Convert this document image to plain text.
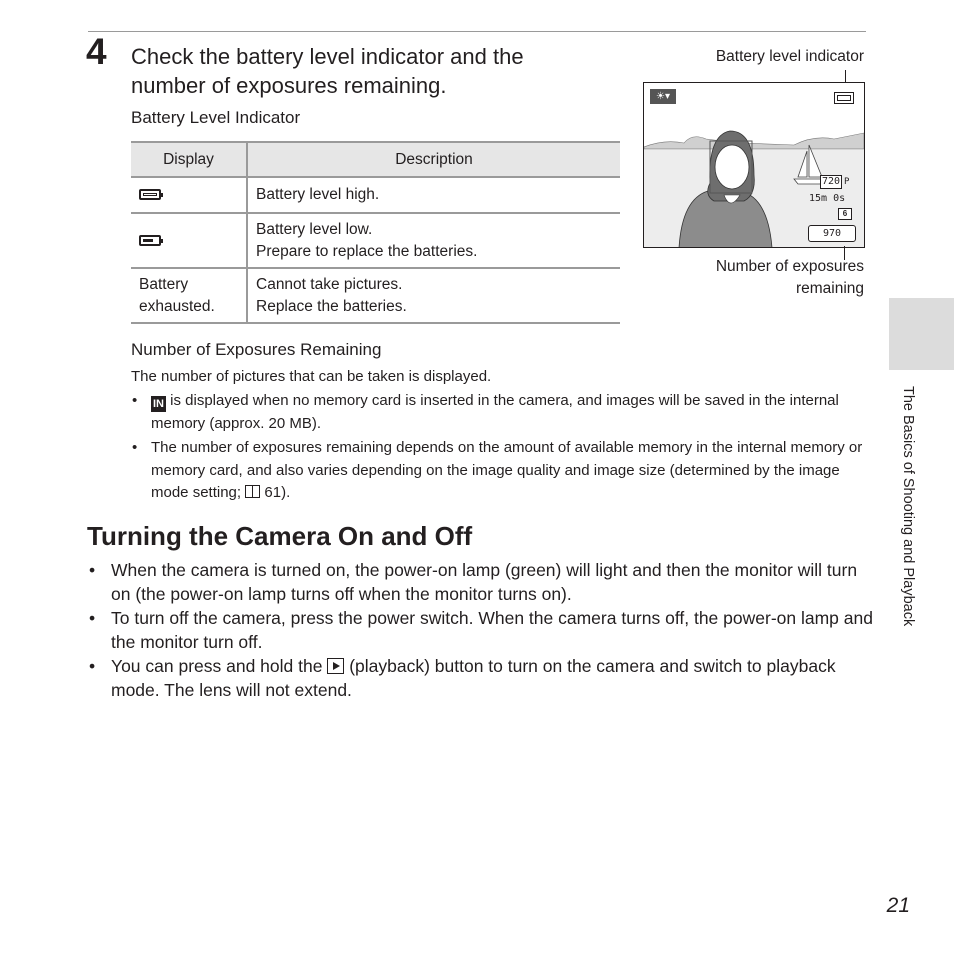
4 Check the battery level indicator and the number of exposures remaining.
Battery Level Indicator
Display	Description

	Battery level high.

	Battery level low.
Prepare to replace the batteries.
Battery exhausted.	Cannot take pictures.
Replace the batteries.
Number of Exposures Remaining
The number of pictures that can be taken is displayed.
• IN is displayed when no memory card is inserted in the camera, and images will be saved in the internal memory (approx. 20 MB).
• The number of exposures remaining depends on the amount of available memory in the internal memory or memory card, and also varies depending on the image quality and image size (determined by the image mode setting;  61).
Turning the Camera On and Off
• When the camera is turned on, the power-on lamp (green) will light and then the monitor will turn on (the power-on lamp turns off when the monitor turns on).
• To turn off the camera, press the power switch. When the camera turns off, the power-on lamp and the monitor turn off.
• You can press and hold the  (playback) button to turn on the camera and switch to playback mode. The lens will not extend.
Battery level indicator
☀▾
720 P
15m 0s
6
970
Number of exposures remaining
The Basics of Shooting and Playback
21
